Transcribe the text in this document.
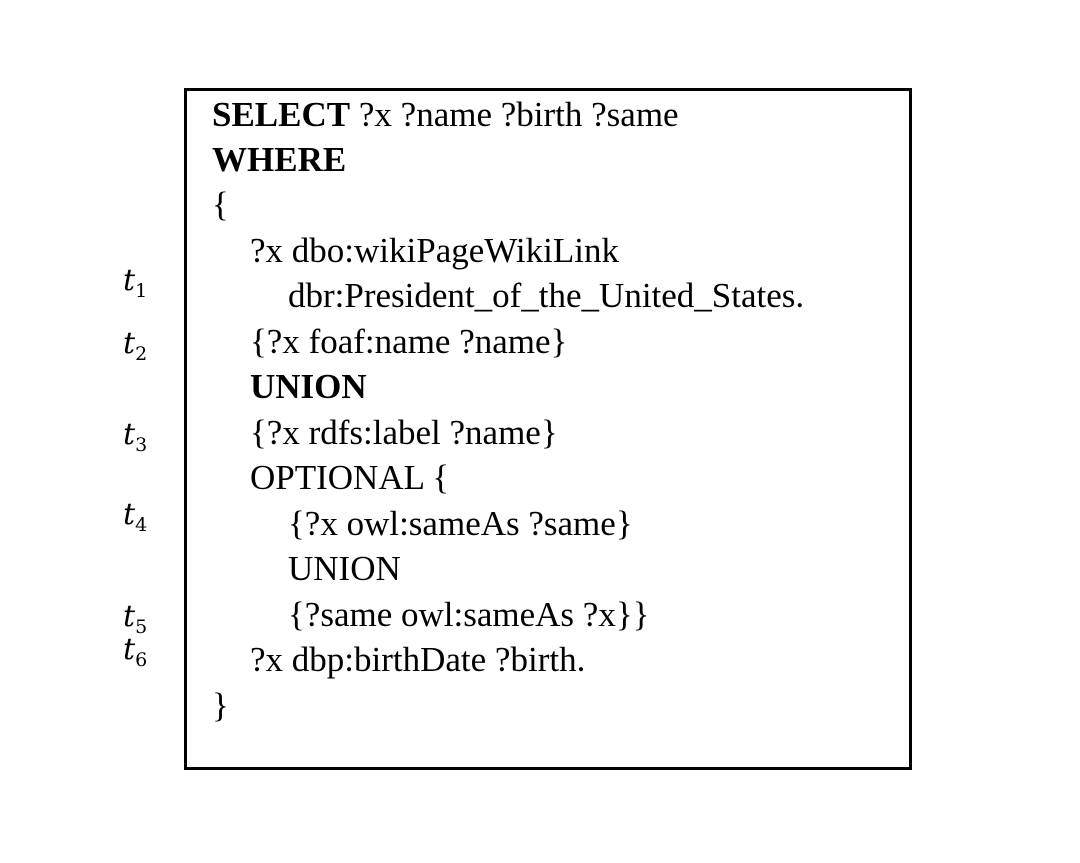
SELECT ?x ?name ?birth ?same
WHERE
{
?x dbo:wikiPageWikiLink
dbr:President_of_the_United_States.
{?x foaf:name ?name}
UNION
{?x rdfs:label ?name}
OPTIONAL {
{?x owl:sameAs ?same}
UNION
{?same owl:sameAs ?x}}
?x dbp:birthDate ?birth.
}
$t_1$
$t_2$
$t_3$
$t_4$
$t_5$
$t_6$
